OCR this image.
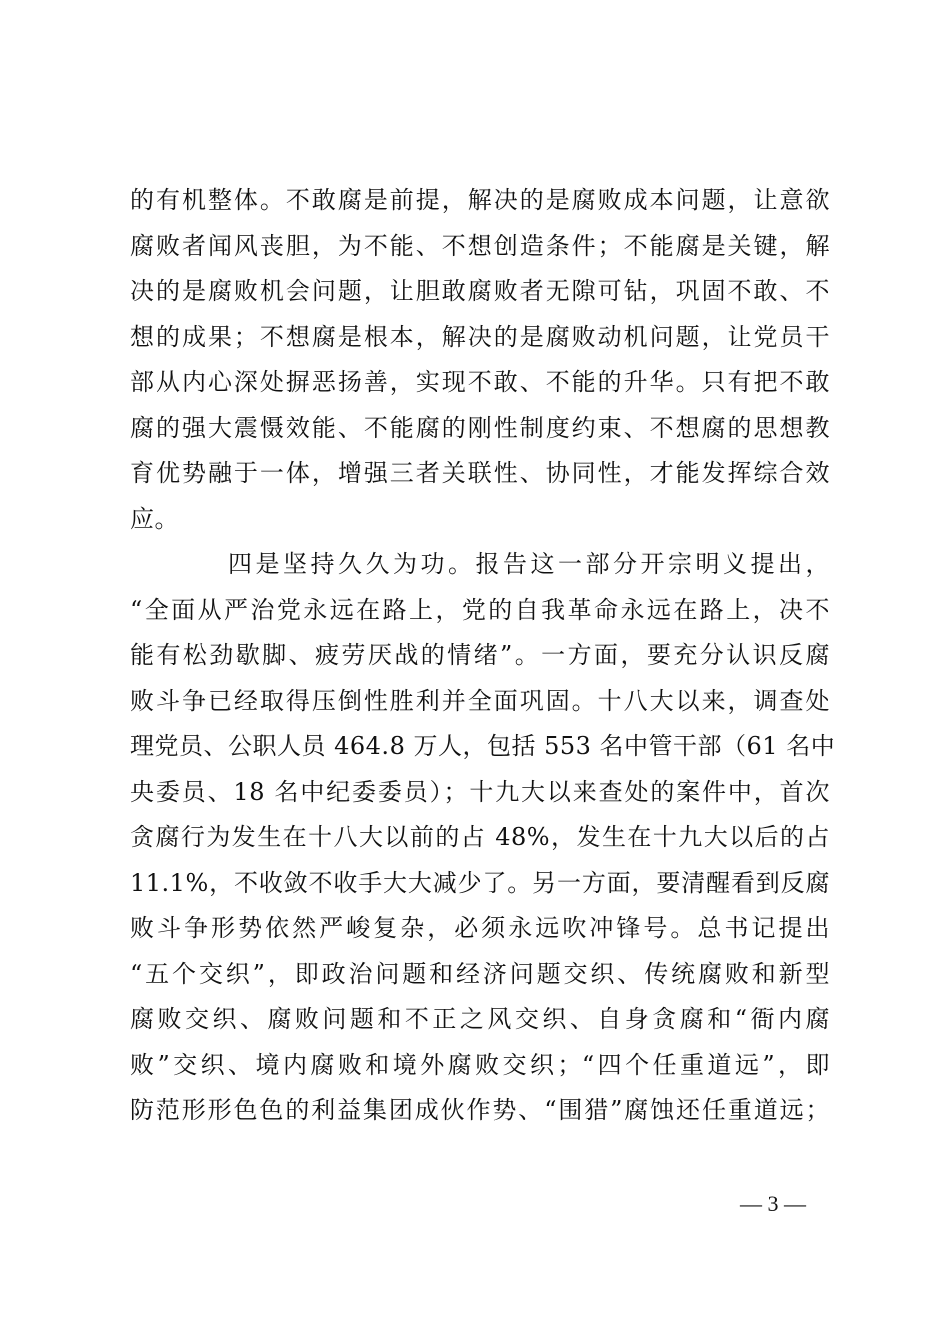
的有机整体。不敢腐是前提，解决的是腐败成本问题，让意欲
腐败者闻风丧胆，为不能、不想创造条件；不能腐是关键，解
决的是腐败机会问题，让胆敢腐败者无隙可钻，巩固不敢、不
想的成果；不想腐是根本，解决的是腐败动机问题，让党员干
部从内心深处摒恶扬善，实现不敢、不能的升华。只有把不敢
腐的强大震慑效能、不能腐的刚性制度约束、不想腐的思想教
育优势融于一体，增强三者关联性、协同性，才能发挥综合效
应。
四是坚持久久为功。报告这一部分开宗明义提出，
“全面从严治党永远在路上，党的自我革命永远在路上，决不
能有松劲歇脚、疲劳厌战的情绪”。一方面，要充分认识反腐
败斗争已经取得压倒性胜利并全面巩固。十八大以来，调查处
理党员、公职人员 464.8 万人，包括 553 名中管干部（61 名中
央委员、18 名中纪委委员）；十九大以来查处的案件中，首次
贪腐行为发生在十八大以前的占 48%，发生在十九大以后的占
11.1%，不收敛不收手大大减少了。另一方面，要清醒看到反腐
败斗争形势依然严峻复杂，必须永远吹冲锋号。总书记提出
“五个交织”，即政治问题和经济问题交织、传统腐败和新型
腐败交织、腐败问题和不正之风交织、自身贪腐和“衙内腐
败”交织、境内腐败和境外腐败交织；“四个任重道远”，即
防范形形色色的利益集团成伙作势、“围猎”腐蚀还任重道远；
— 3 —
